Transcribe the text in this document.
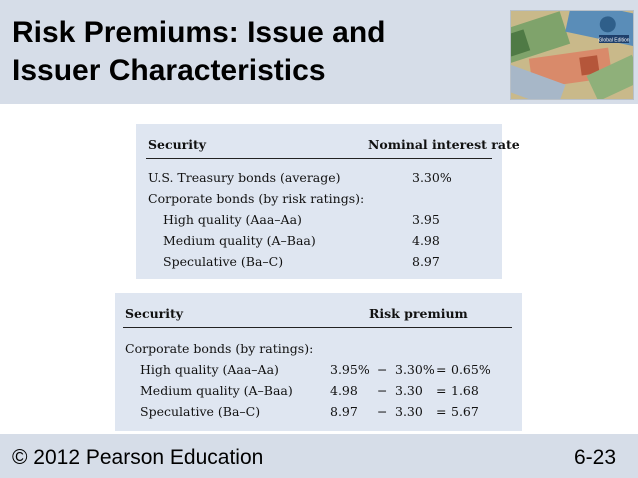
Risk Premiums: Issue and
Issuer Characteristics
Global Edition
Security	Nominal interest rate
U.S. Treasury bonds (average)	3.30%
Corporate bonds (by risk ratings):
High quality (Aaa–Aa)	3.95
Medium quality (A–Baa)	4.98
Speculative (Ba–C)	8.97
Security	Risk premium
Corporate bonds (by ratings):
High quality (Aaa–Aa)	3.95% − 3.30% = 0.65%
Medium quality (A–Baa)	4.98 − 3.30 = 1.68
Speculative (Ba–C)	8.97 − 3.30 = 5.67
© 2012 Pearson Education	6-23
